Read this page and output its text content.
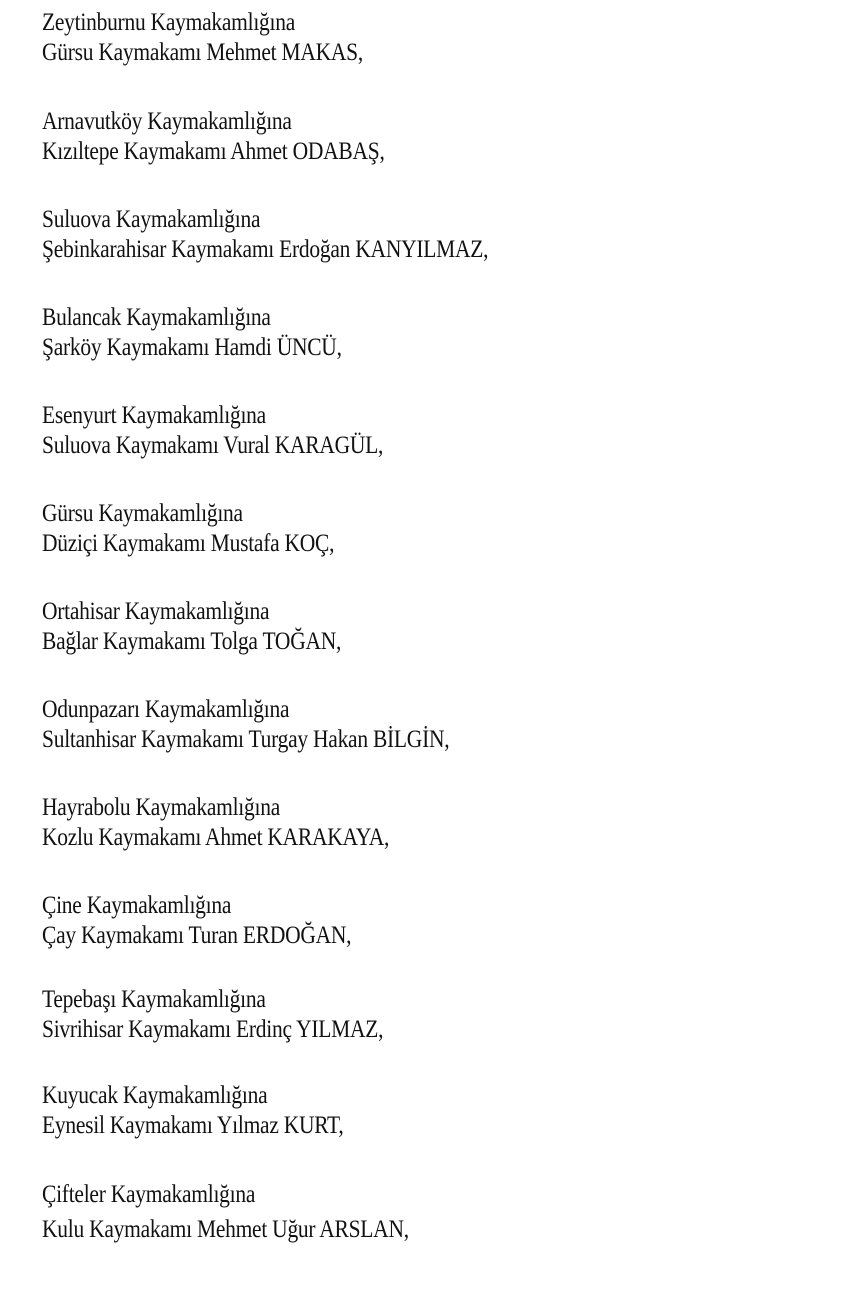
Zeytinburnu Kaymakamlığına
Gürsu Kaymakamı Mehmet MAKAS,
Arnavutköy Kaymakamlığına
Kızıltepe Kaymakamı Ahmet ODABAŞ,
Suluova Kaymakamlığına
Şebinkarahisar Kaymakamı Erdoğan KANYILMAZ,
Bulancak Kaymakamlığına
Şarköy Kaymakamı Hamdi ÜNCÜ,
Esenyurt Kaymakamlığına
Suluova Kaymakamı Vural KARAGÜL,
Gürsu Kaymakamlığına
Düziçi Kaymakamı Mustafa KOÇ,
Ortahisar Kaymakamlığına
Bağlar Kaymakamı Tolga TOĞAN,
Odunpazarı Kaymakamlığına
Sultanhisar Kaymakamı Turgay Hakan BİLGİN,
Hayrabolu Kaymakamlığına
Kozlu Kaymakamı Ahmet KARAKAYA,
Çine Kaymakamlığına
Çay Kaymakamı Turan ERDOĞAN,
Tepebaşı Kaymakamlığına
Sivrihisar Kaymakamı Erdinç YILMAZ,
Kuyucak Kaymakamlığına
Eynesil Kaymakamı Yılmaz KURT,
Çifteler Kaymakamlığına
Kulu Kaymakamı Mehmet Uğur ARSLAN,
